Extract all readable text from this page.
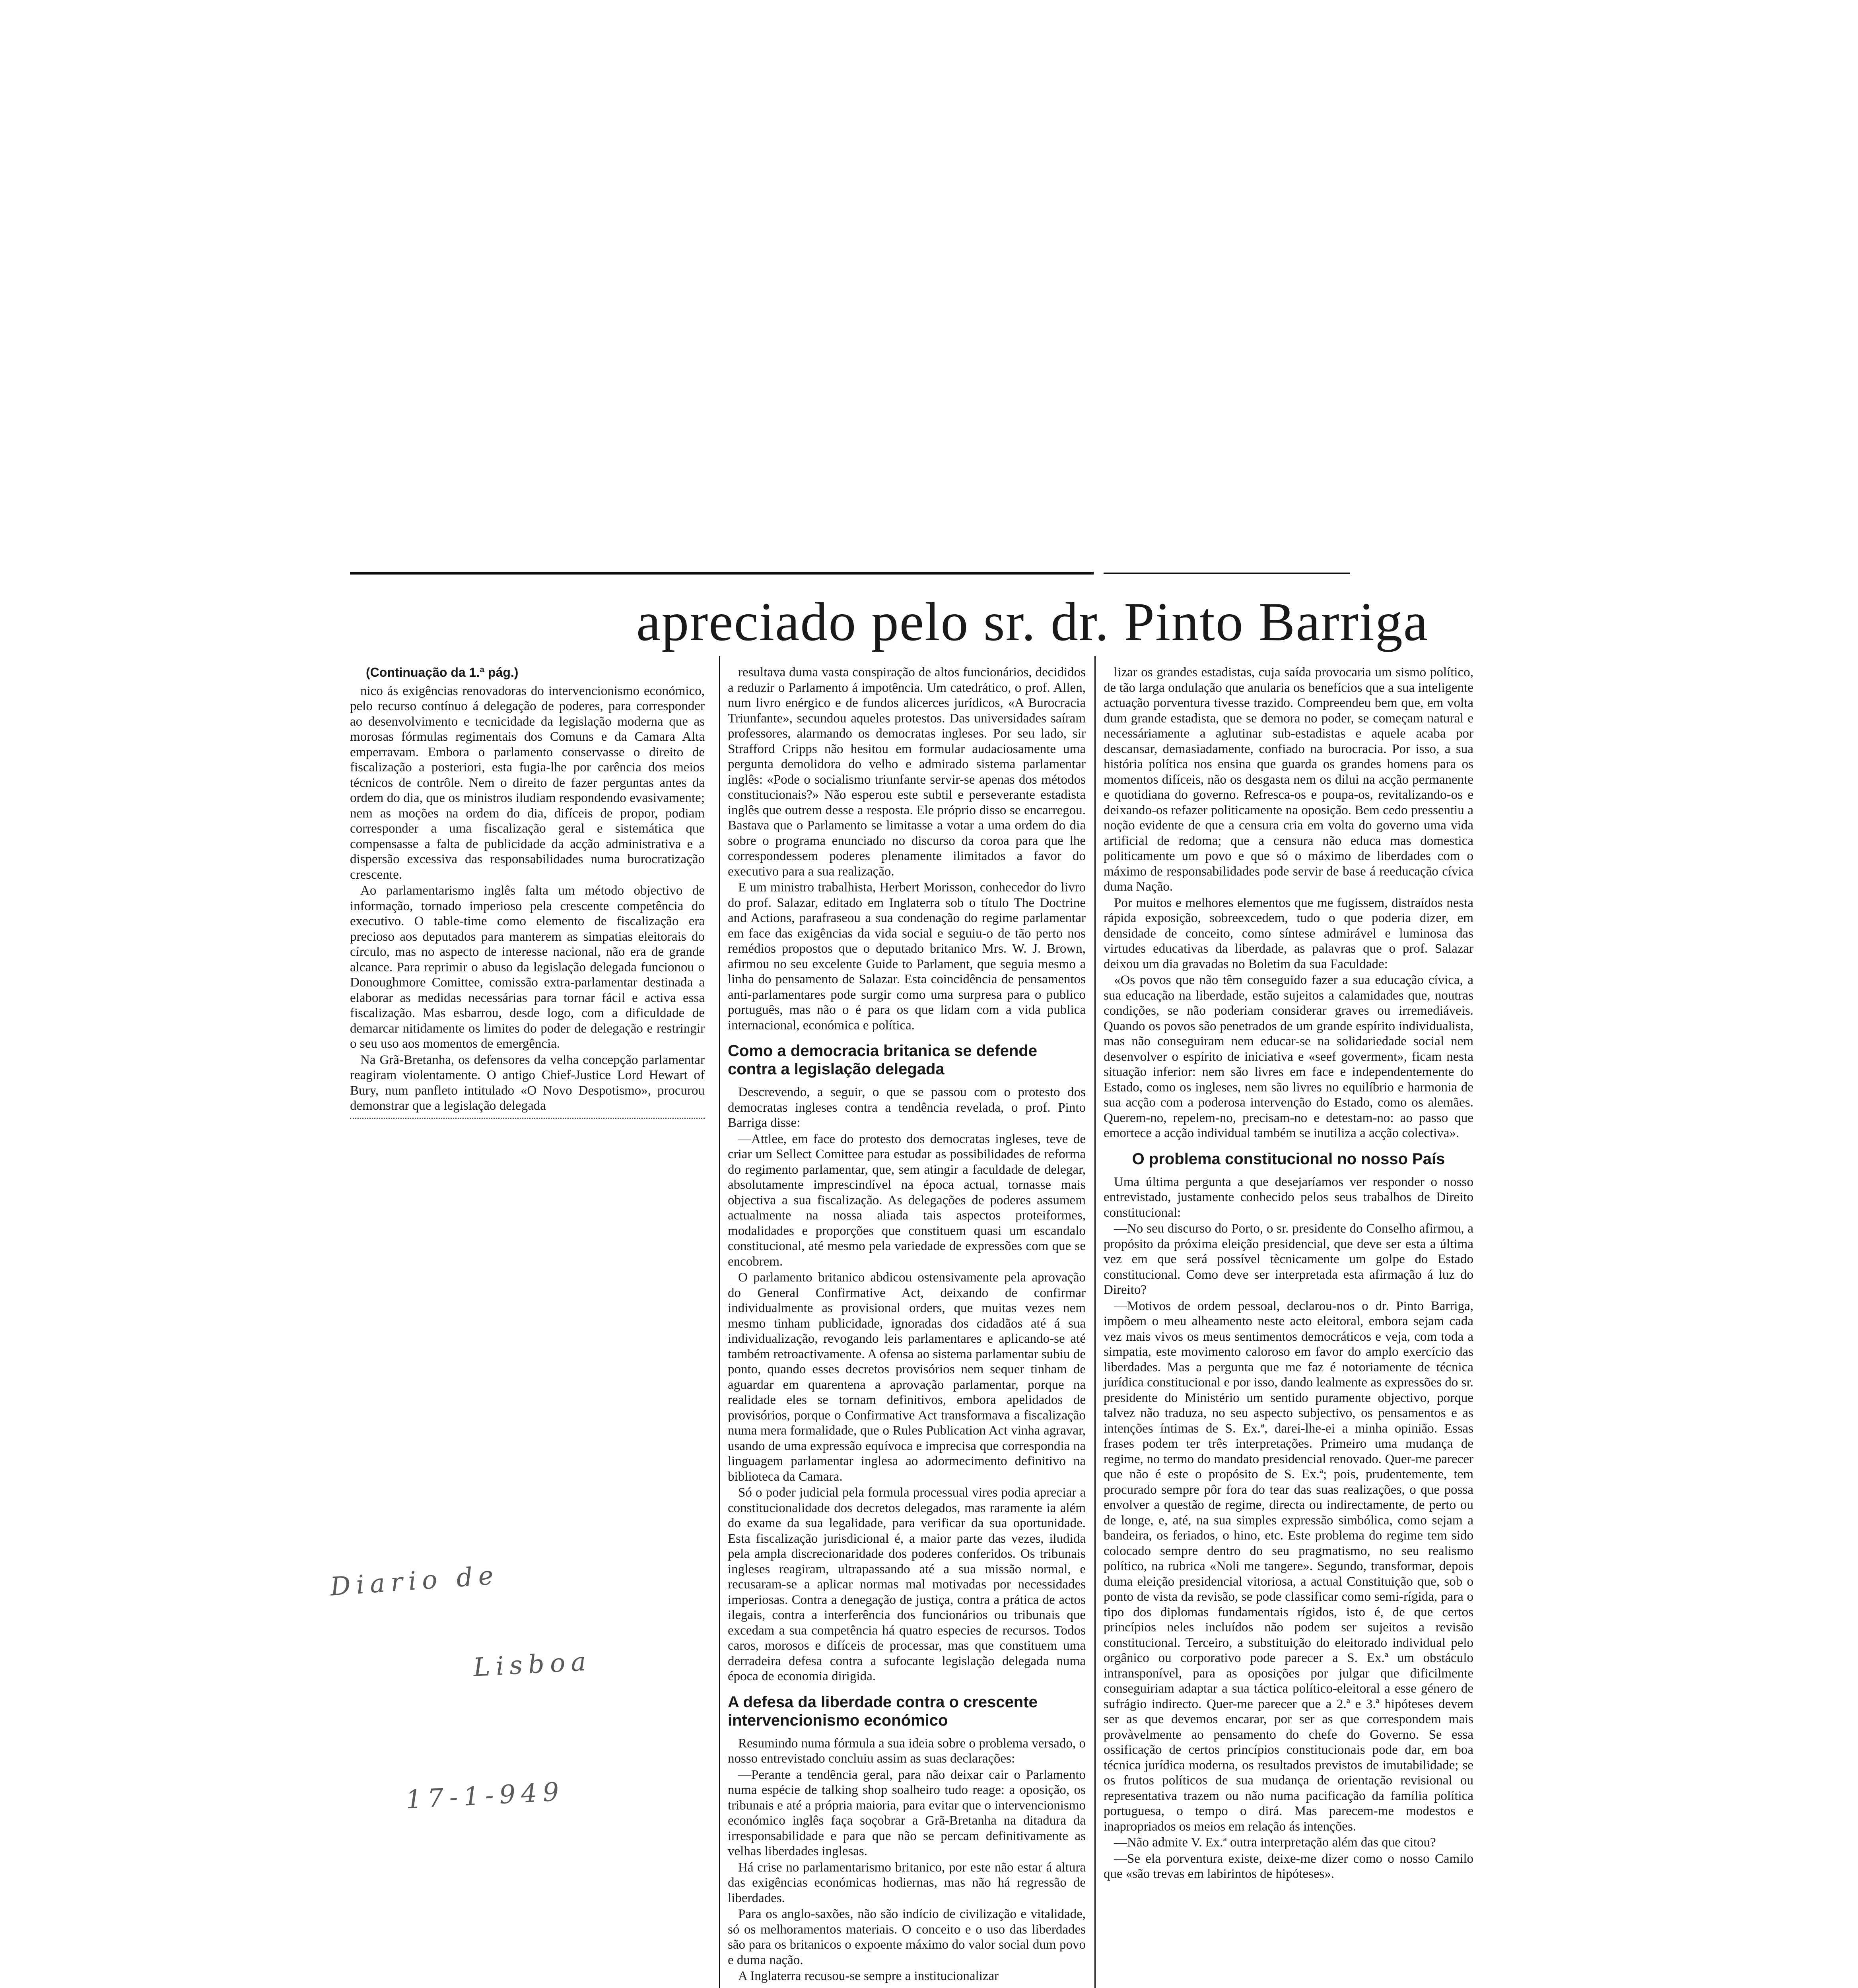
apreciado pelo sr. dr. Pinto Barriga
(Continuação da 1.ª pág.)

nico ás exigências renovadoras do intervencionismo económico, pelo recurso contínuo á delegação de poderes, para corresponder ao desenvolvimento e tecnicidade da legislação moderna que as morosas fórmulas regimentais dos Comuns e da Camara Alta emperravam. Embora o parlamento conservasse o direito de fiscalização a posteriori, esta fugia-lhe por carência dos meios técnicos de contrôle. Nem o direito de fazer perguntas antes da ordem do dia, que os ministros iludiam respondendo evasivamente; nem as moções na ordem do dia, difíceis de propor, podiam corresponder a uma fiscalização geral e sistemática que compensasse a falta de publicidade da acção administrativa e a dispersão excessiva das responsabilidades numa burocratização crescente.

Ao parlamentarismo inglês falta um método objectivo de informação, tornado imperioso pela crescente competência do executivo. O table-time como elemento de fiscalização era precioso aos deputados para manterem as simpatias eleitorais do círculo, mas no aspecto de interesse nacional, não era de grande alcance. Para reprimir o abuso da legislação delegada funcionou o Donoughmore Comittee, comissão extra-parlamentar destinada a elaborar as medidas necessárias para tornar fácil e activa essa fiscalização. Mas esbarrou, desde logo, com a dificuldade de demarcar nitidamente os limites do poder de delegação e restringir o seu uso aos momentos de emergência.

Na Grã-Bretanha, os defensores da velha concepção parlamentar reagiram violentamente. O antigo Chief-Justice Lord Hewart of Bury, num panfleto intitulado «O Novo Despotismo», procurou demonstrar que a legislação delegada

resultava duma vasta conspiração de altos funcionários, decididos a reduzir o Parlamento á impotência. Um catedrático, o prof. Allen, num livro enérgico e de fundos alicerces jurídicos, «A Burocracia Triunfante», secundou aqueles protestos. Das universidades saíram professores, alarmando os democratas ingleses. Por seu lado, sir Strafford Cripps não hesitou em formular audaciosamente uma pergunta demolidora do velho e admirado sistema parlamentar inglês: «Pode o socialismo triunfante servir-se apenas dos métodos constitucionais?» Não esperou este subtil e perseverante estadista inglês que outrem desse a resposta. Ele próprio disso se encarregou. Bastava que o Parlamento se limitasse a votar a uma ordem do dia sobre o programa enunciado no discurso da coroa para que lhe correspondessem poderes plenamente ilimitados a favor do executivo para a sua realização.

E um ministro trabalhista, Herbert Morisson, conhecedor do livro do prof. Salazar, editado em Inglaterra sob o título The Doctrine and Actions, parafraseou a sua condenação do regime parlamentar em face das exigências da vida social e seguiu-o de tão perto nos remédios propostos que o deputado britanico Mrs. W. J. Brown, afirmou no seu excelente Guide to Parlament, que seguia mesmo a linha do pensamento de Salazar. Esta coincidência de pensamentos anti-parlamentares pode surgir como uma surpresa para o publico português, mas não o é para os que lidam com a vida publica internacional, económica e política.

Como a democracia britanica se defende contra a legislação delegada

Descrevendo, a seguir, o que se passou com o protesto dos democratas ingleses contra a tendência revelada, o prof. Pinto Barriga disse:

—Attlee, em face do protesto dos democratas ingleses, teve de criar um Sellect Comittee para estudar as possibilidades de reforma do regimento parlamentar, que, sem atingir a faculdade de delegar, absolutamente imprescindível na época actual, tornasse mais objectiva a sua fiscalização. As delegações de poderes assumem actualmente na nossa aliada tais aspectos proteiformes, modalidades e proporções que constituem quasi um escandalo constitucional, até mesmo pela variedade de expressões com que se encobrem.

O parlamento britanico abdicou ostensivamente pela aprovação do General Confirmative Act, deixando de confirmar individualmente as provisional orders, que muitas vezes nem mesmo tinham publicidade, ignoradas dos cidadãos até á sua individualização, revogando leis parlamentares e aplicando-se até também retroactivamente. A ofensa ao sistema parlamentar subiu de ponto, quando esses decretos provisórios nem sequer tinham de aguardar em quarentena a aprovação parlamentar, porque na realidade eles se tornam definitivos, embora apelidados de provisórios, porque o Confirmative Act transformava a fiscalização numa mera formalidade, que o Rules Publication Act vinha agravar, usando de uma expressão equívoca e imprecisa que correspondia na linguagem parlamentar inglesa ao adormecimento definitivo na biblioteca da Camara.

Só o poder judicial pela formula processual vires podia apreciar a constitucionalidade dos decretos delegados, mas raramente ia além do exame da sua legalidade, para verificar da sua oportunidade. Esta fiscalização jurisdicional é, a maior parte das vezes, iludida pela ampla discrecionaridade dos poderes conferidos. Os tribunais ingleses reagiram, ultrapassando até a sua missão normal, e recusaram-se a aplicar normas mal motivadas por necessidades imperiosas. Contra a denegação de justiça, contra a prática de actos ilegais, contra a interferência dos funcionários ou tribunais que excedam a sua competência há quatro especies de recursos. Todos caros, morosos e difíceis de processar, mas que constituem uma derradeira defesa contra a sufocante legislação delegada numa época de economia dirigida.

A defesa da liberdade contra o crescente intervencionismo económico

Resumindo numa fórmula a sua ideia sobre o problema versado, o nosso entrevistado concluiu assim as suas declarações:

—Perante a tendência geral, para não deixar cair o Parlamento numa espécie de talking shop soalheiro tudo reage: a oposição, os tribunais e até a própria maioria, para evitar que o intervencionismo económico inglês faça soçobrar a Grã-Bretanha na ditadura da irresponsabilidade e para que não se percam definitivamente as velhas liberdades inglesas.

Há crise no parlamentarismo britanico, por este não estar á altura das exigências económicas hodiernas, mas não há regressão de liberdades.

Para os anglo-saxões, não são indício de civilização e vitalidade, só os melhoramentos materiais. O conceito e o uso das liberdades são para os britanicos o expoente máximo do valor social dum povo e duma nação.

A Inglaterra recusou-se sempre a institucionalizar

lizar os grandes estadistas, cuja saída provocaria um sismo político, de tão larga ondulação que anularia os benefícios que a sua inteligente actuação porventura tivesse trazido. Compreendeu bem que, em volta dum grande estadista, que se demora no poder, se começam natural e necessáriamente a aglutinar sub-estadistas e aquele acaba por descansar, demasiadamente, confiado na burocracia. Por isso, a sua história política nos ensina que guarda os grandes homens para os momentos difíceis, não os desgasta nem os dilui na acção permanente e quotidiana do governo. Refresca-os e poupa-os, revitalizando-os e deixando-os refazer politicamente na oposição. Bem cedo pressentiu a noção evidente de que a censura cria em volta do governo uma vida artificial de redoma; que a censura não educa mas domestica politicamente um povo e que só o máximo de liberdades com o máximo de responsabilidades pode servir de base á reeducação cívica duma Nação.

Por muitos e melhores elementos que me fugissem, distraídos nesta rápida exposição, sobreexcedem, tudo o que poderia dizer, em densidade de conceito, como síntese admirável e luminosa das virtudes educativas da liberdade, as palavras que o prof. Salazar deixou um dia gravadas no Boletim da sua Faculdade:

«Os povos que não têm conseguido fazer a sua educação cívica, a sua educação na liberdade, estão sujeitos a calamidades que, noutras condições, se não poderiam considerar graves ou irremediáveis. Quando os povos são penetrados de um grande espírito individualista, mas não conseguiram nem educar-se na solidariedade social nem desenvolver o espírito de iniciativa e «seef goverment», ficam nesta situação inferior: nem são livres em face e independentemente do Estado, como os ingleses, nem são livres no equilíbrio e harmonia de sua acção com a poderosa intervenção do Estado, como os alemães. Querem-no, repelem-no, precisam-no e detestam-no: ao passo que emortece a acção individual também se inutiliza a acção colectiva».

O problema constitucional no nosso País

Uma última pergunta a que desejaríamos ver responder o nosso entrevistado, justamente conhecido pelos seus trabalhos de Direito constitucional:

—No seu discurso do Porto, o sr. presidente do Conselho afirmou, a propósito da próxima eleição presidencial, que deve ser esta a última vez em que será possível tècnicamente um golpe do Estado constitucional. Como deve ser interpretada esta afirmação á luz do Direito?

—Motivos de ordem pessoal, declarou-nos o dr. Pinto Barriga, impõem o meu alheamento neste acto eleitoral, embora sejam cada vez mais vivos os meus sentimentos democráticos e veja, com toda a simpatia, este movimento caloroso em favor do amplo exercício das liberdades. Mas a pergunta que me faz é notoriamente de técnica jurídica constitucional e por isso, dando lealmente as expressões do sr. presidente do Ministério um sentido puramente objectivo, porque talvez não traduza, no seu aspecto subjectivo, os pensamentos e as intenções íntimas de S. Ex.ª, darei-lhe-ei a minha opinião. Essas frases podem ter três interpretações. Primeiro uma mudança de regime, no termo do mandato presidencial renovado. Quer-me parecer que não é este o propósito de S. Ex.ª; pois, prudentemente, tem procurado sempre pôr fora do tear das suas realizações, o que possa envolver a questão de regime, directa ou indirectamente, de perto ou de longe, e, até, na sua simples expressão simbólica, como sejam a bandeira, os feriados, o hino, etc. Este problema do regime tem sido colocado sempre dentro do seu pragmatismo, no seu realismo político, na rubrica «Noli me tangere». Segundo, transformar, depois duma eleição presidencial vitoriosa, a actual Constituição que, sob o ponto de vista da revisão, se pode classificar como semi-rígida, para o tipo dos diplomas fundamentais rígidos, isto é, de que certos princípios neles incluídos não podem ser sujeitos a revisão constitucional. Terceiro, a substituição do eleitorado individual pelo orgânico ou corporativo pode parecer a S. Ex.ª um obstáculo intransponível, para as oposições por julgar que dificilmente conseguiriam adaptar a sua táctica político-eleitoral a esse género de sufrágio indirecto. Quer-me parecer que a 2.ª e 3.ª hipóteses devem ser as que devemos encarar, por ser as que correspondem mais provàvelmente ao pensamento do chefe do Governo. Se essa ossificação de certos princípios constitucionais pode dar, em boa técnica jurídica moderna, os resultados previstos de imutabilidade; se os frutos políticos de sua mudança de orientação revisional ou representativa trazem ou não numa pacificação da família política portuguesa, o tempo o dirá. Mas parecem-me modestos e inapropriados os meios em relação ás intenções.

—Não admite V. Ex.ª outra interpretação além das que citou?

—Se ela porventura existe, deixe-me dizer como o nosso Camilo que «são trevas em labirintos de hipóteses».

Diario de
Lisboa
17-1-949
